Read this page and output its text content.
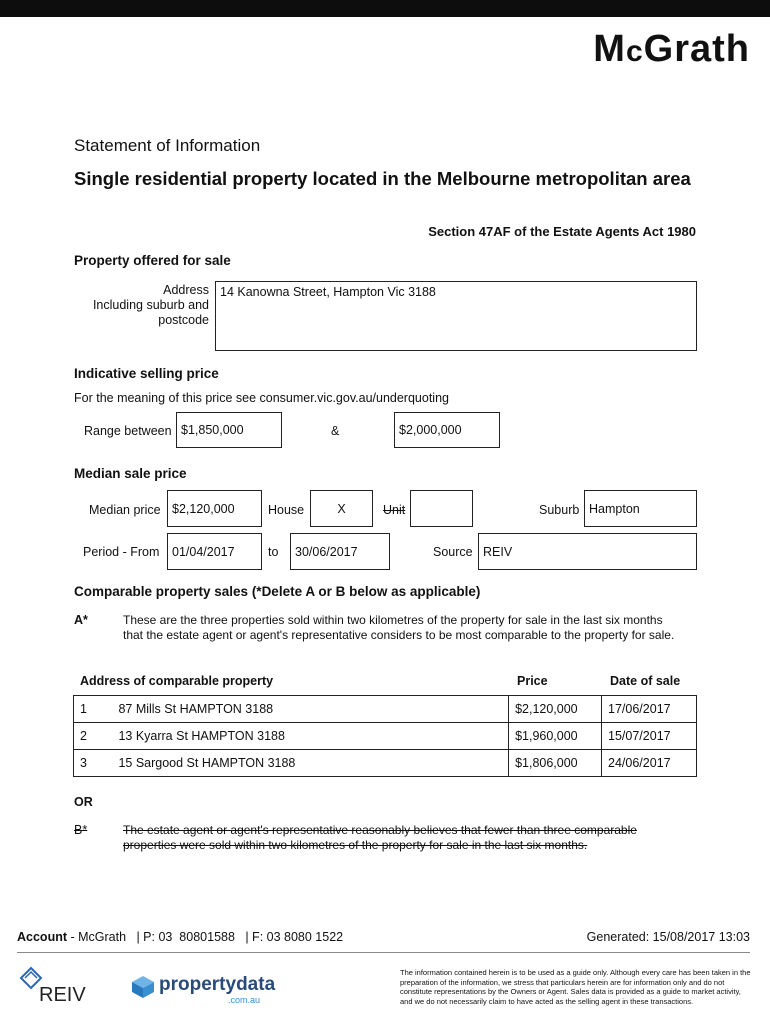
McGrath
Statement of Information
Single residential property located in the Melbourne metropolitan area
Section 47AF of the Estate Agents Act 1980
Property offered for sale
Address
Including suburb and
postcode
14 Kanowna Street, Hampton Vic 3188
Indicative selling price
For the meaning of this price see consumer.vic.gov.au/underquoting
Range between $1,850,000	&	$2,000,000
Median sale price
Median price $2,120,000	House	X	Unit	Suburb Hampton
Period - From	01/04/2017	to	30/06/2017	Source REIV
Comparable property sales (*Delete A or B below as applicable)
A*	These are the three properties sold within two kilometres of the property for sale in the last six months that the estate agent or agent's representative considers to be most comparable to the property for sale.
Address of comparable property	Price	Date of sale
1	87 Mills St HAMPTON 3188	$2,120,000	17/06/2017
2	13 Kyarra St HAMPTON 3188	$1,960,000	15/07/2017
3	15 Sargood St HAMPTON 3188	$1,806,000	24/06/2017
OR
B*	The estate agent or agent's representative reasonably believes that fewer than three comparable properties were sold within two kilometres of the property for sale in the last six months.
Account - McGrath   | P: 03  80801588   | F: 03 8080 1522	Generated: 15/08/2017 13:03
REIV	propertydata
.com.au
The information contained herein is to be used as a guide only. Although every care has been taken in the preparation of the information, we stress that particulars herein are for information only and do not constitute representations by the Owners or Agent. Sales data is provided as a guide to market activity, and we do not necessarily claim to have acted as the selling agent in these transactions.
